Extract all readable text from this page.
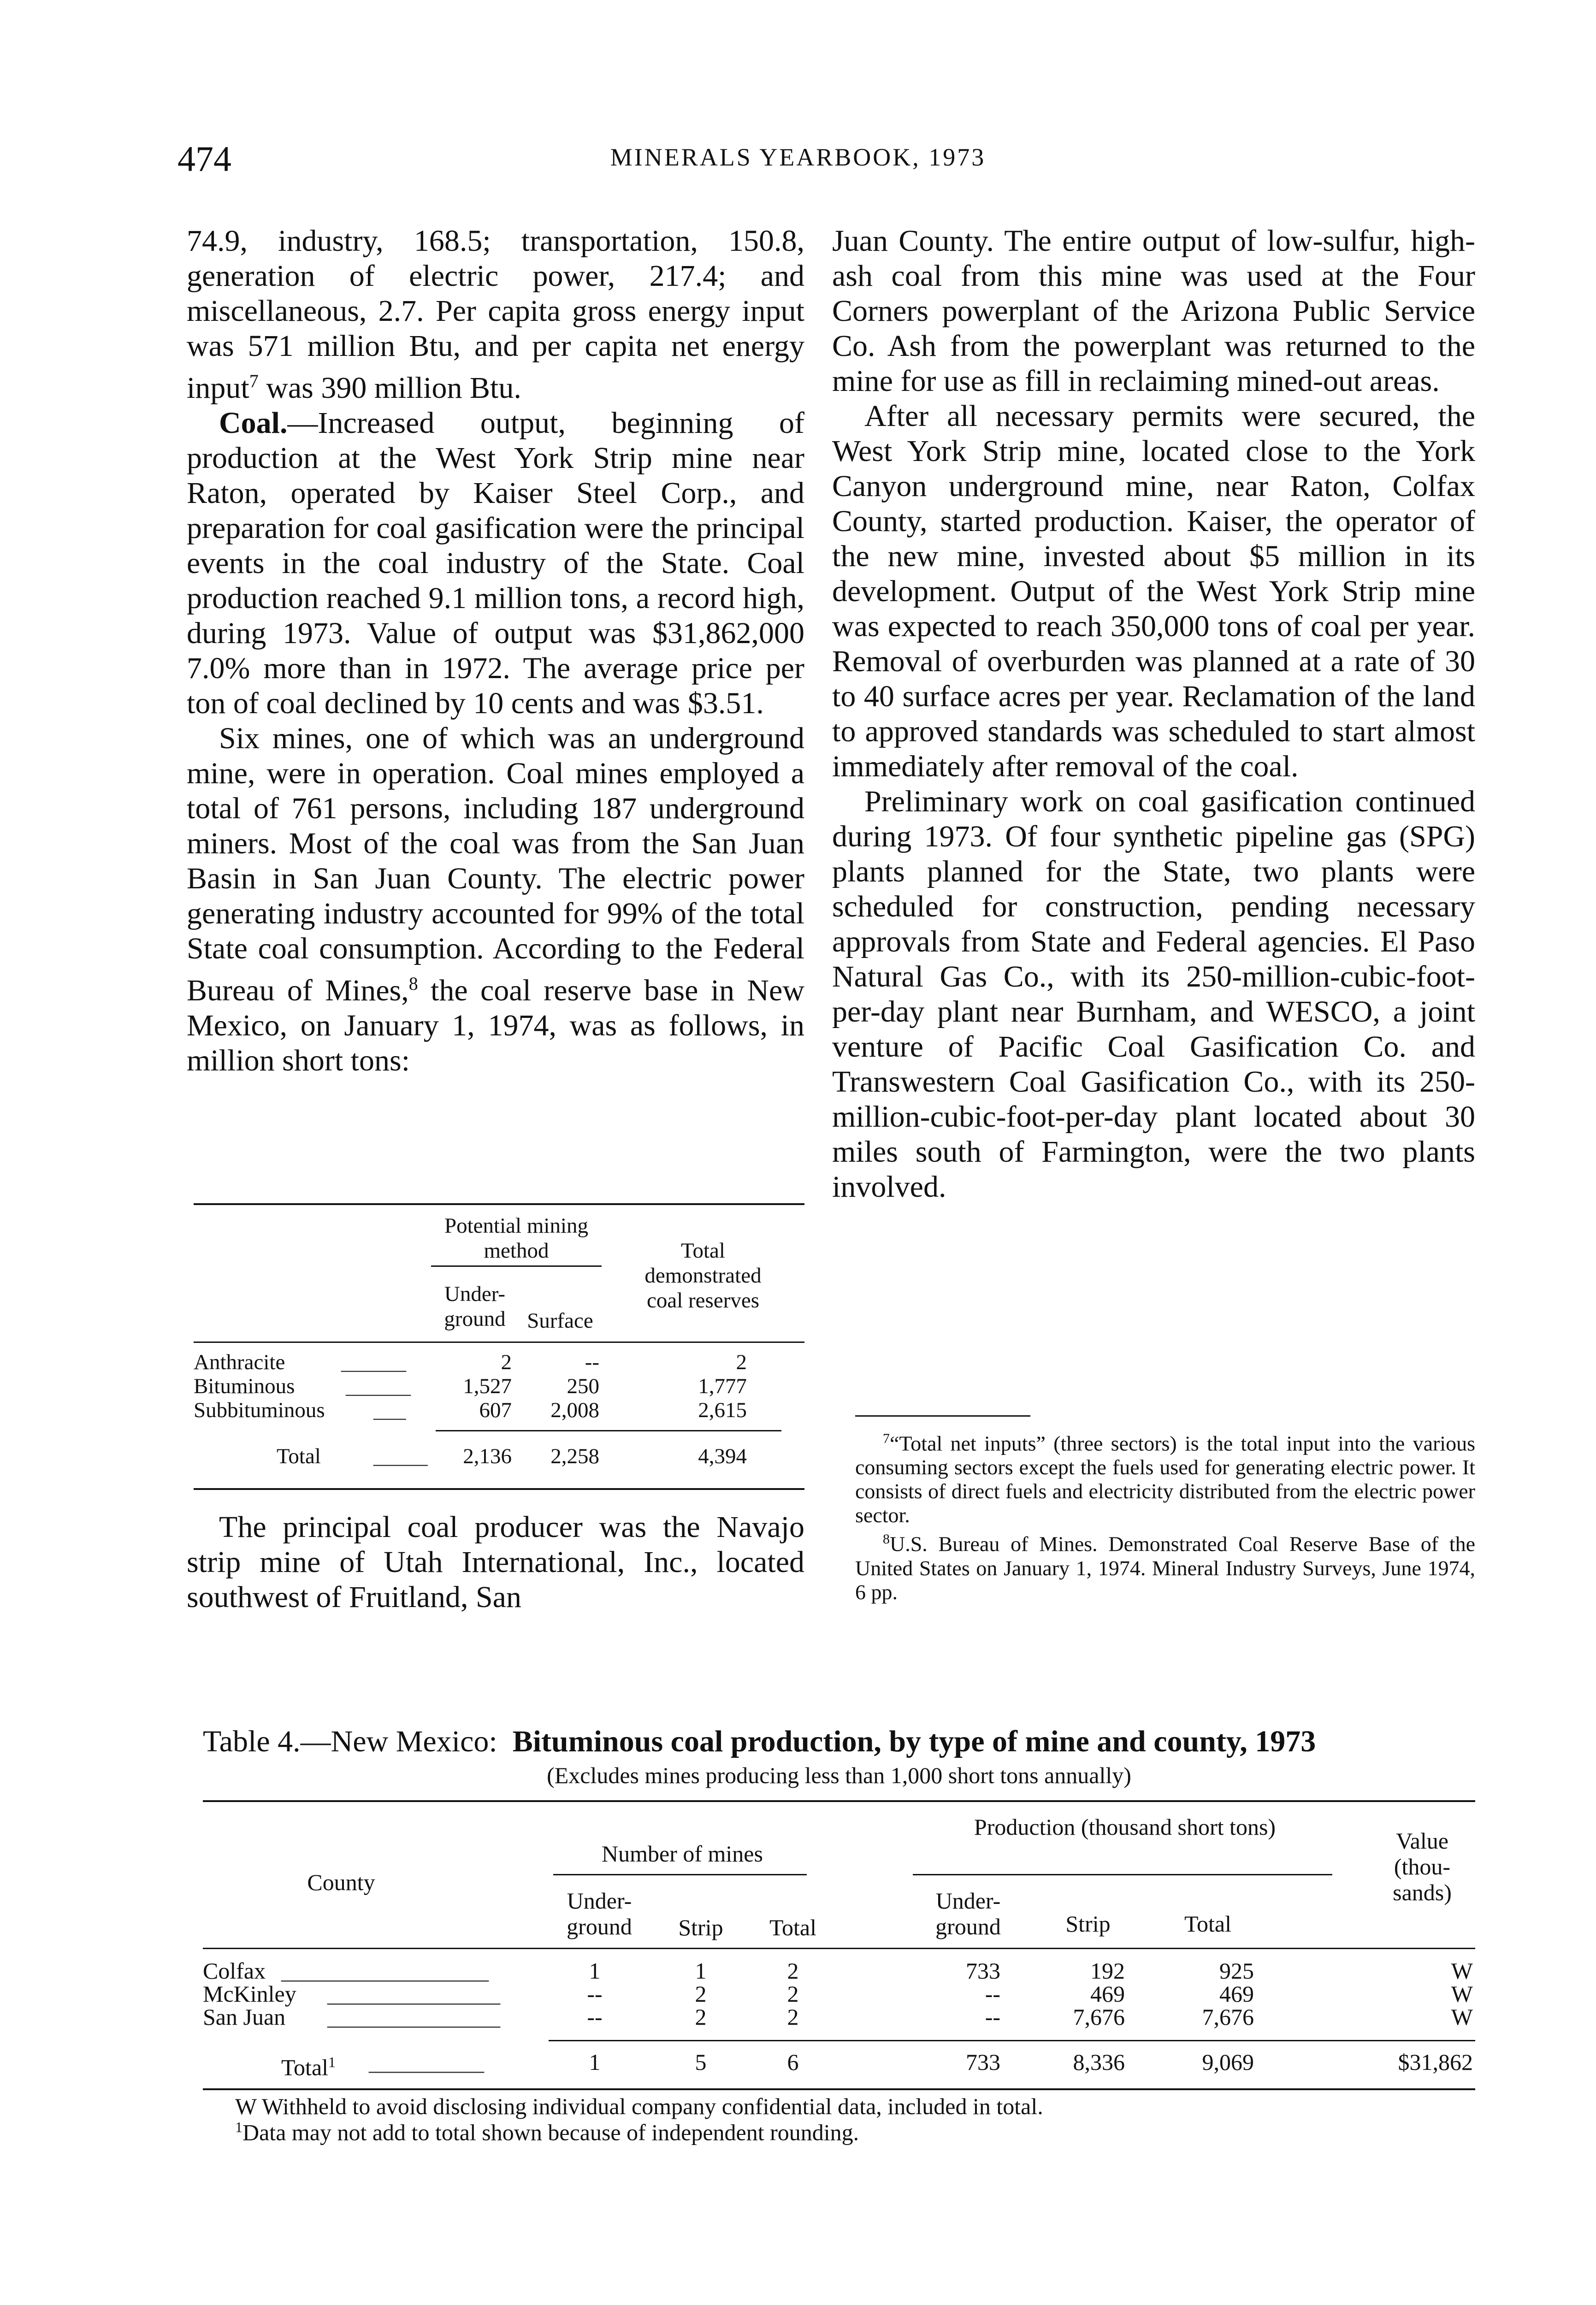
474	MINERALS YEARBOOK, 1973

74.9, industry, 168.5; transportation, 150.8, generation of electric power, 217.4; and miscellaneous, 2.7. Per capita gross energy input was 571 million Btu, and per capita net energy input$^7$ was 390 million Btu.

Coal.—Increased output, beginning of production at the West York Strip mine near Raton, operated by Kaiser Steel Corp., and preparation for coal gasification were the principal events in the coal industry of the State. Coal production reached 9.1 million tons, a record high, during 1973. Value of output was $31,862,000 7.0% more than in 1972. The average price per ton of coal declined by 10 cents and was $3.51.

Six mines, one of which was an underground mine, were in operation. Coal mines employed a total of 761 persons, including 187 underground miners. Most of the coal was from the San Juan Basin in San Juan County. The electric power generating industry accounted for 99% of the total State coal consumption. According to the Federal Bureau of Mines,$^8$ the coal reserve base in New Mexico, on January 1, 1974, was as follows, in million short tons:

Potential mining method	Total demonstrated coal reserves
Under-ground Surface
Anthracite	______	2	--	2
Bituminous ______	1,527	250	1,777
Subbituminous ___	607	2,008	2,615
Total _____	2,136	2,258	4,394

The principal coal producer was the Navajo strip mine of Utah International, Inc., located southwest of Fruitland, San

Juan County. The entire output of low-sulfur, high-ash coal from this mine was used at the Four Corners powerplant of the Arizona Public Service Co. Ash from the powerplant was returned to the mine for use as fill in reclaiming mined-out areas.

After all necessary permits were secured, the West York Strip mine, located close to the York Canyon underground mine, near Raton, Colfax County, started production. Kaiser, the operator of the new mine, invested about $5 million in its development. Output of the West York Strip mine was expected to reach 350,000 tons of coal per year. Removal of overburden was planned at a rate of 30 to 40 surface acres per year. Reclamation of the land to approved standards was scheduled to start almost immediately after removal of the coal.

Preliminary work on coal gasification continued during 1973. Of four synthetic pipeline gas (SPG) plants planned for the State, two plants were scheduled for construction, pending necessary approvals from State and Federal agencies. El Paso Natural Gas Co., with its 250-million-cubic-foot-per-day plant near Burnham, and WESCO, a joint venture of Pacific Coal Gasification Co. and Transwestern Coal Gasification Co., with its 250-million-cubic-foot-per-day plant located about 30 miles south of Farmington, were the two plants involved.

$^7$“Total net inputs” (three sectors) is the total input into the various consuming sectors except the fuels used for generating electric power. It consists of direct fuels and electricity distributed from the electric power sector.

$^8$U.S. Bureau of Mines. Demonstrated Coal Reserve Base of the United States on January 1, 1974. Mineral Industry Surveys, June 1974, 6 pp.

Table 4.—New Mexico: Bituminous coal production, by type of mine and county, 1973
(Excludes mines producing less than 1,000 short tons annually)
County
Number of mines
Production (thousand short tons)
Value (thou-sands)
Under-ground	Strip	Total
Under-ground	Strip	Total
Colfax __________________	1	1	2	733	192	925	W
McKinley _______________	--	2	2	--	469	469	W
San Juan _______________	--	2	2	--	7,676	7,676	W
Total$^1$ __________	1	5	6	733	8,336	9,069	$31,862
W Withheld to avoid disclosing individual company confidential data, included in total.
$^1$Data may not add to total shown because of independent rounding.
